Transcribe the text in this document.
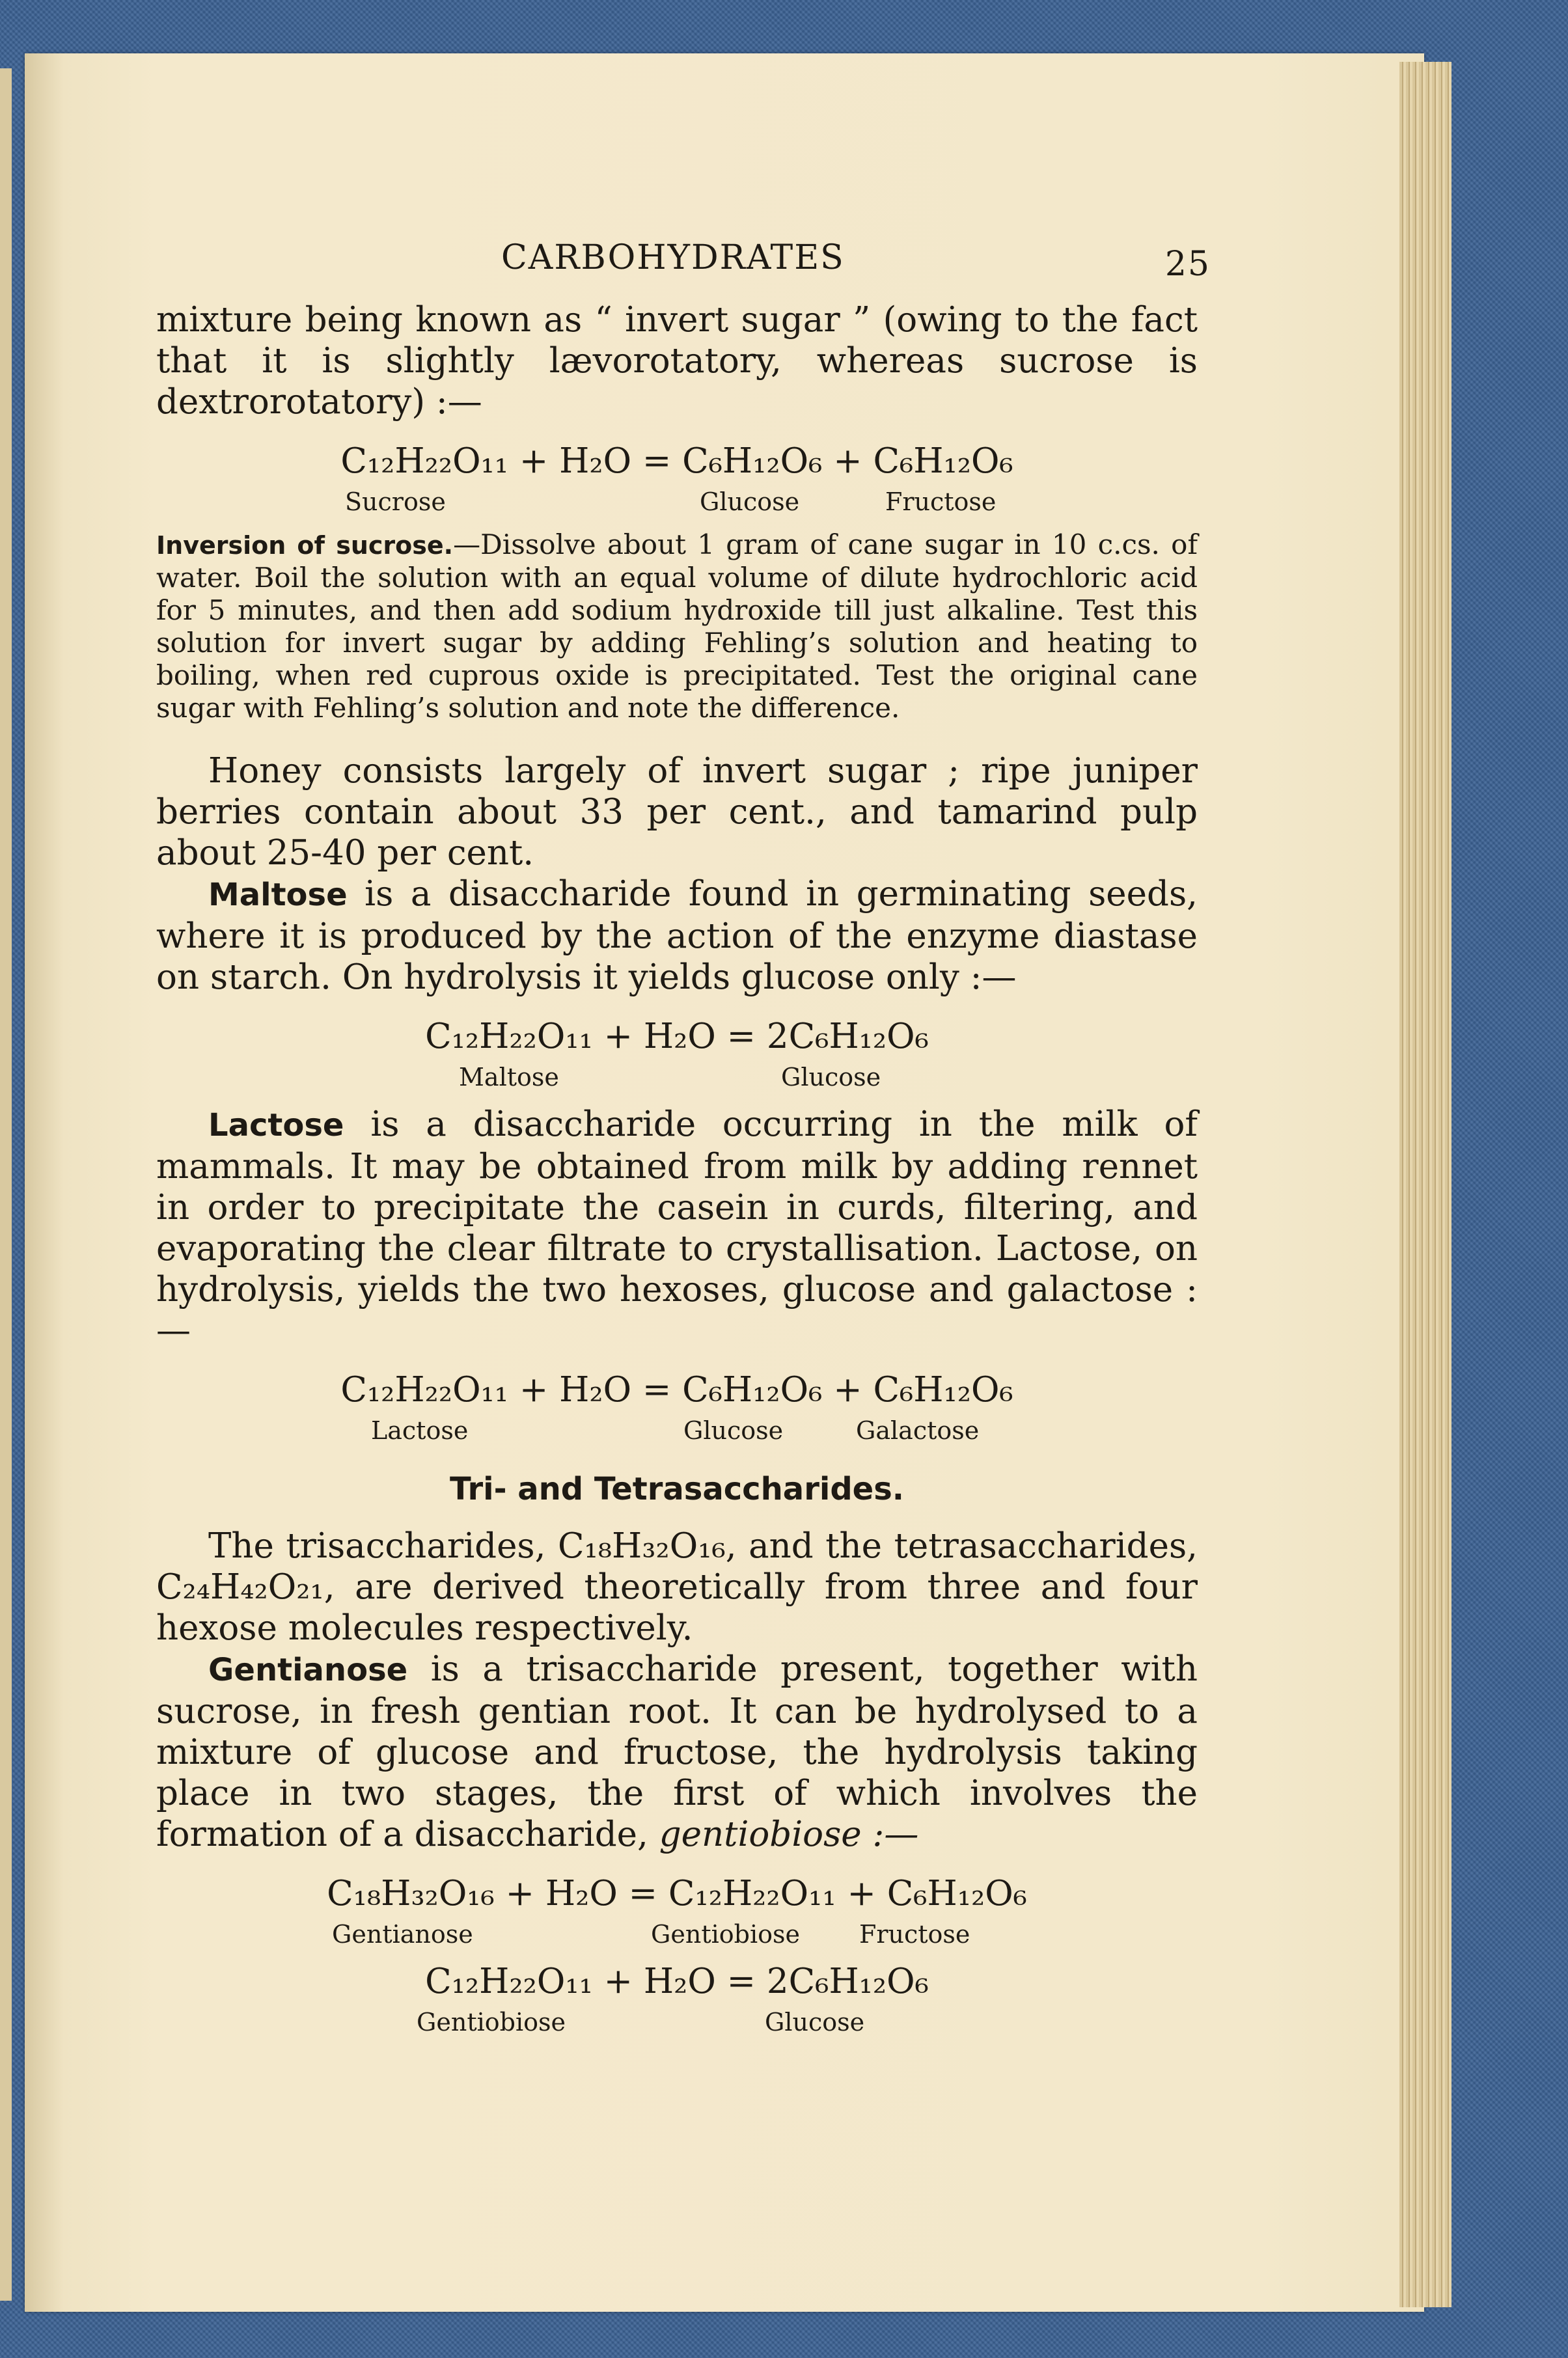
CARBOHYDRATES	25

mixture being known as “ invert sugar ” (owing to the fact that it is slightly lævorotatory, whereas sucrose is dextrorotatory) :—

C₁₂H₂₂O₁₁ + H₂O = C₆H₁₂O₆ + C₆H₁₂O₆
Sucrose	Glucose	Fructose

Inversion of sucrose.—Dissolve about 1 gram of cane sugar in 10 c.cs. of water. Boil the solution with an equal volume of dilute hydrochloric acid for 5 minutes, and then add sodium hydroxide till just alkaline. Test this solution for invert sugar by adding Fehling’s solution and heating to boiling, when red cuprous oxide is precipitated. Test the original cane sugar with Fehling’s solution and note the difference.

Honey consists largely of invert sugar ; ripe juniper berries contain about 33 per cent., and tamarind pulp about 25-40 per cent.

Maltose is a disaccharide found in germinating seeds, where it is produced by the action of the enzyme diastase on starch. On hydrolysis it yields glucose only :—

C₁₂H₂₂O₁₁ + H₂O = 2C₆H₁₂O₆
Maltose	Glucose

Lactose is a disaccharide occurring in the milk of mammals. It may be obtained from milk by adding rennet in order to precipitate the casein in curds, filtering, and evaporating the clear filtrate to crystallisation. Lactose, on hydrolysis, yields the two hexoses, glucose and galactose :—

C₁₂H₂₂O₁₁ + H₂O = C₆H₁₂O₆ + C₆H₁₂O₆
Lactose	Glucose	Galactose
Tri- and Tetrasaccharides.

The trisaccharides, C₁₈H₃₂O₁₆, and the tetrasaccharides, C₂₄H₄₂O₂₁, are derived theoretically from three and four hexose molecules respectively.

Gentianose is a trisaccharide present, together with sucrose, in fresh gentian root. It can be hydrolysed to a mixture of glucose and fructose, the hydrolysis taking place in two stages, the first of which involves the formation of a disaccharide, gentiobiose :—

C₁₈H₃₂O₁₆ + H₂O = C₁₂H₂₂O₁₁ + C₆H₁₂O₆
Gentianose	Gentiobiose Fructose
C₁₂H₂₂O₁₁ + H₂O = 2C₆H₁₂O₆
Gentiobiose	Glucose
